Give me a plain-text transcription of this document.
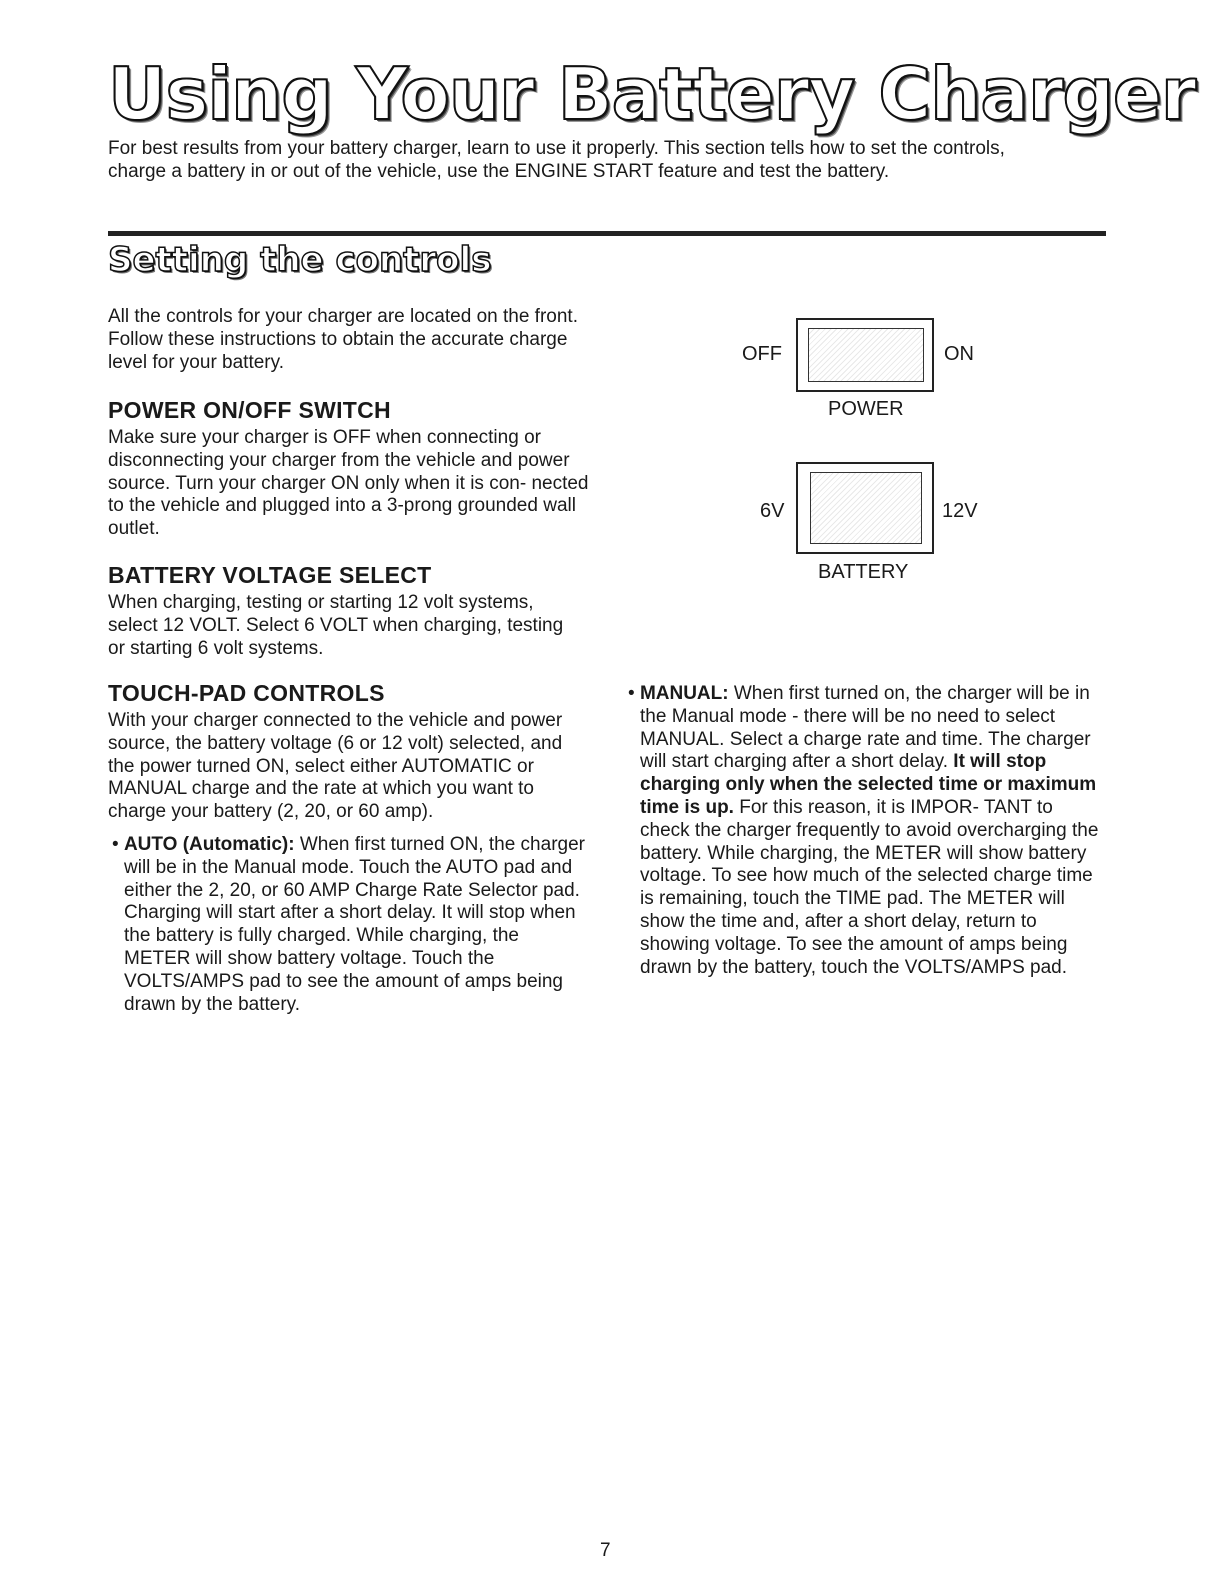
Using Your Battery Charger

For best results from your battery charger, learn to use it properly. This section tells how to set the controls, charge a battery in or out of the vehicle, use the ENGINE START feature and test the battery.

Setting the controls

All the controls for your charger are located on the front. Follow these instructions to obtain the accurate charge level for your battery.

POWER ON/OFF SWITCH

Make sure your charger is OFF when connecting or disconnecting your charger from the vehicle and power source. Turn your charger ON only when it is con- nected to the vehicle and plugged into a 3-prong grounded wall outlet.

BATTERY VOLTAGE SELECT

When charging, testing or starting 12 volt systems, select 12 VOLT. Select 6 VOLT when charging, testing or starting 6 volt systems.

TOUCH-PAD CONTROLS

With your charger connected to the vehicle and power source, the battery voltage (6 or 12 volt) selected, and the power turned ON, select either AUTOMATIC or MANUAL charge and the rate at which you want to charge your battery (2, 20, or 60 amp).

• AUTO (Automatic): When first turned ON, the charger will be in the Manual mode. Touch the AUTO pad and either the 2, 20, or 60 AMP Charge Rate Selector pad. Charging will start after a short delay. It will stop when the battery is fully charged. While charging, the METER will show battery voltage. Touch the VOLTS/AMPS pad to see the amount of amps being drawn by the battery.

• MANUAL: When first turned on, the charger will be in the Manual mode - there will be no need to select MANUAL. Select a charge rate and time. The charger will start charging after a short delay. It will stop charging only when the selected time or maximum time is up. For this reason, it is IMPOR- TANT to check the charger frequently to avoid overcharging the battery. While charging, the METER will show battery voltage. To see how much of the selected charge time is remaining, touch the TIME pad. The METER will show the time and, after a short delay, return to showing voltage. To see the amount of amps being drawn by the battery, touch the VOLTS/AMPS pad.

OFF	ON
POWER
6V	12V
BATTERY
7
